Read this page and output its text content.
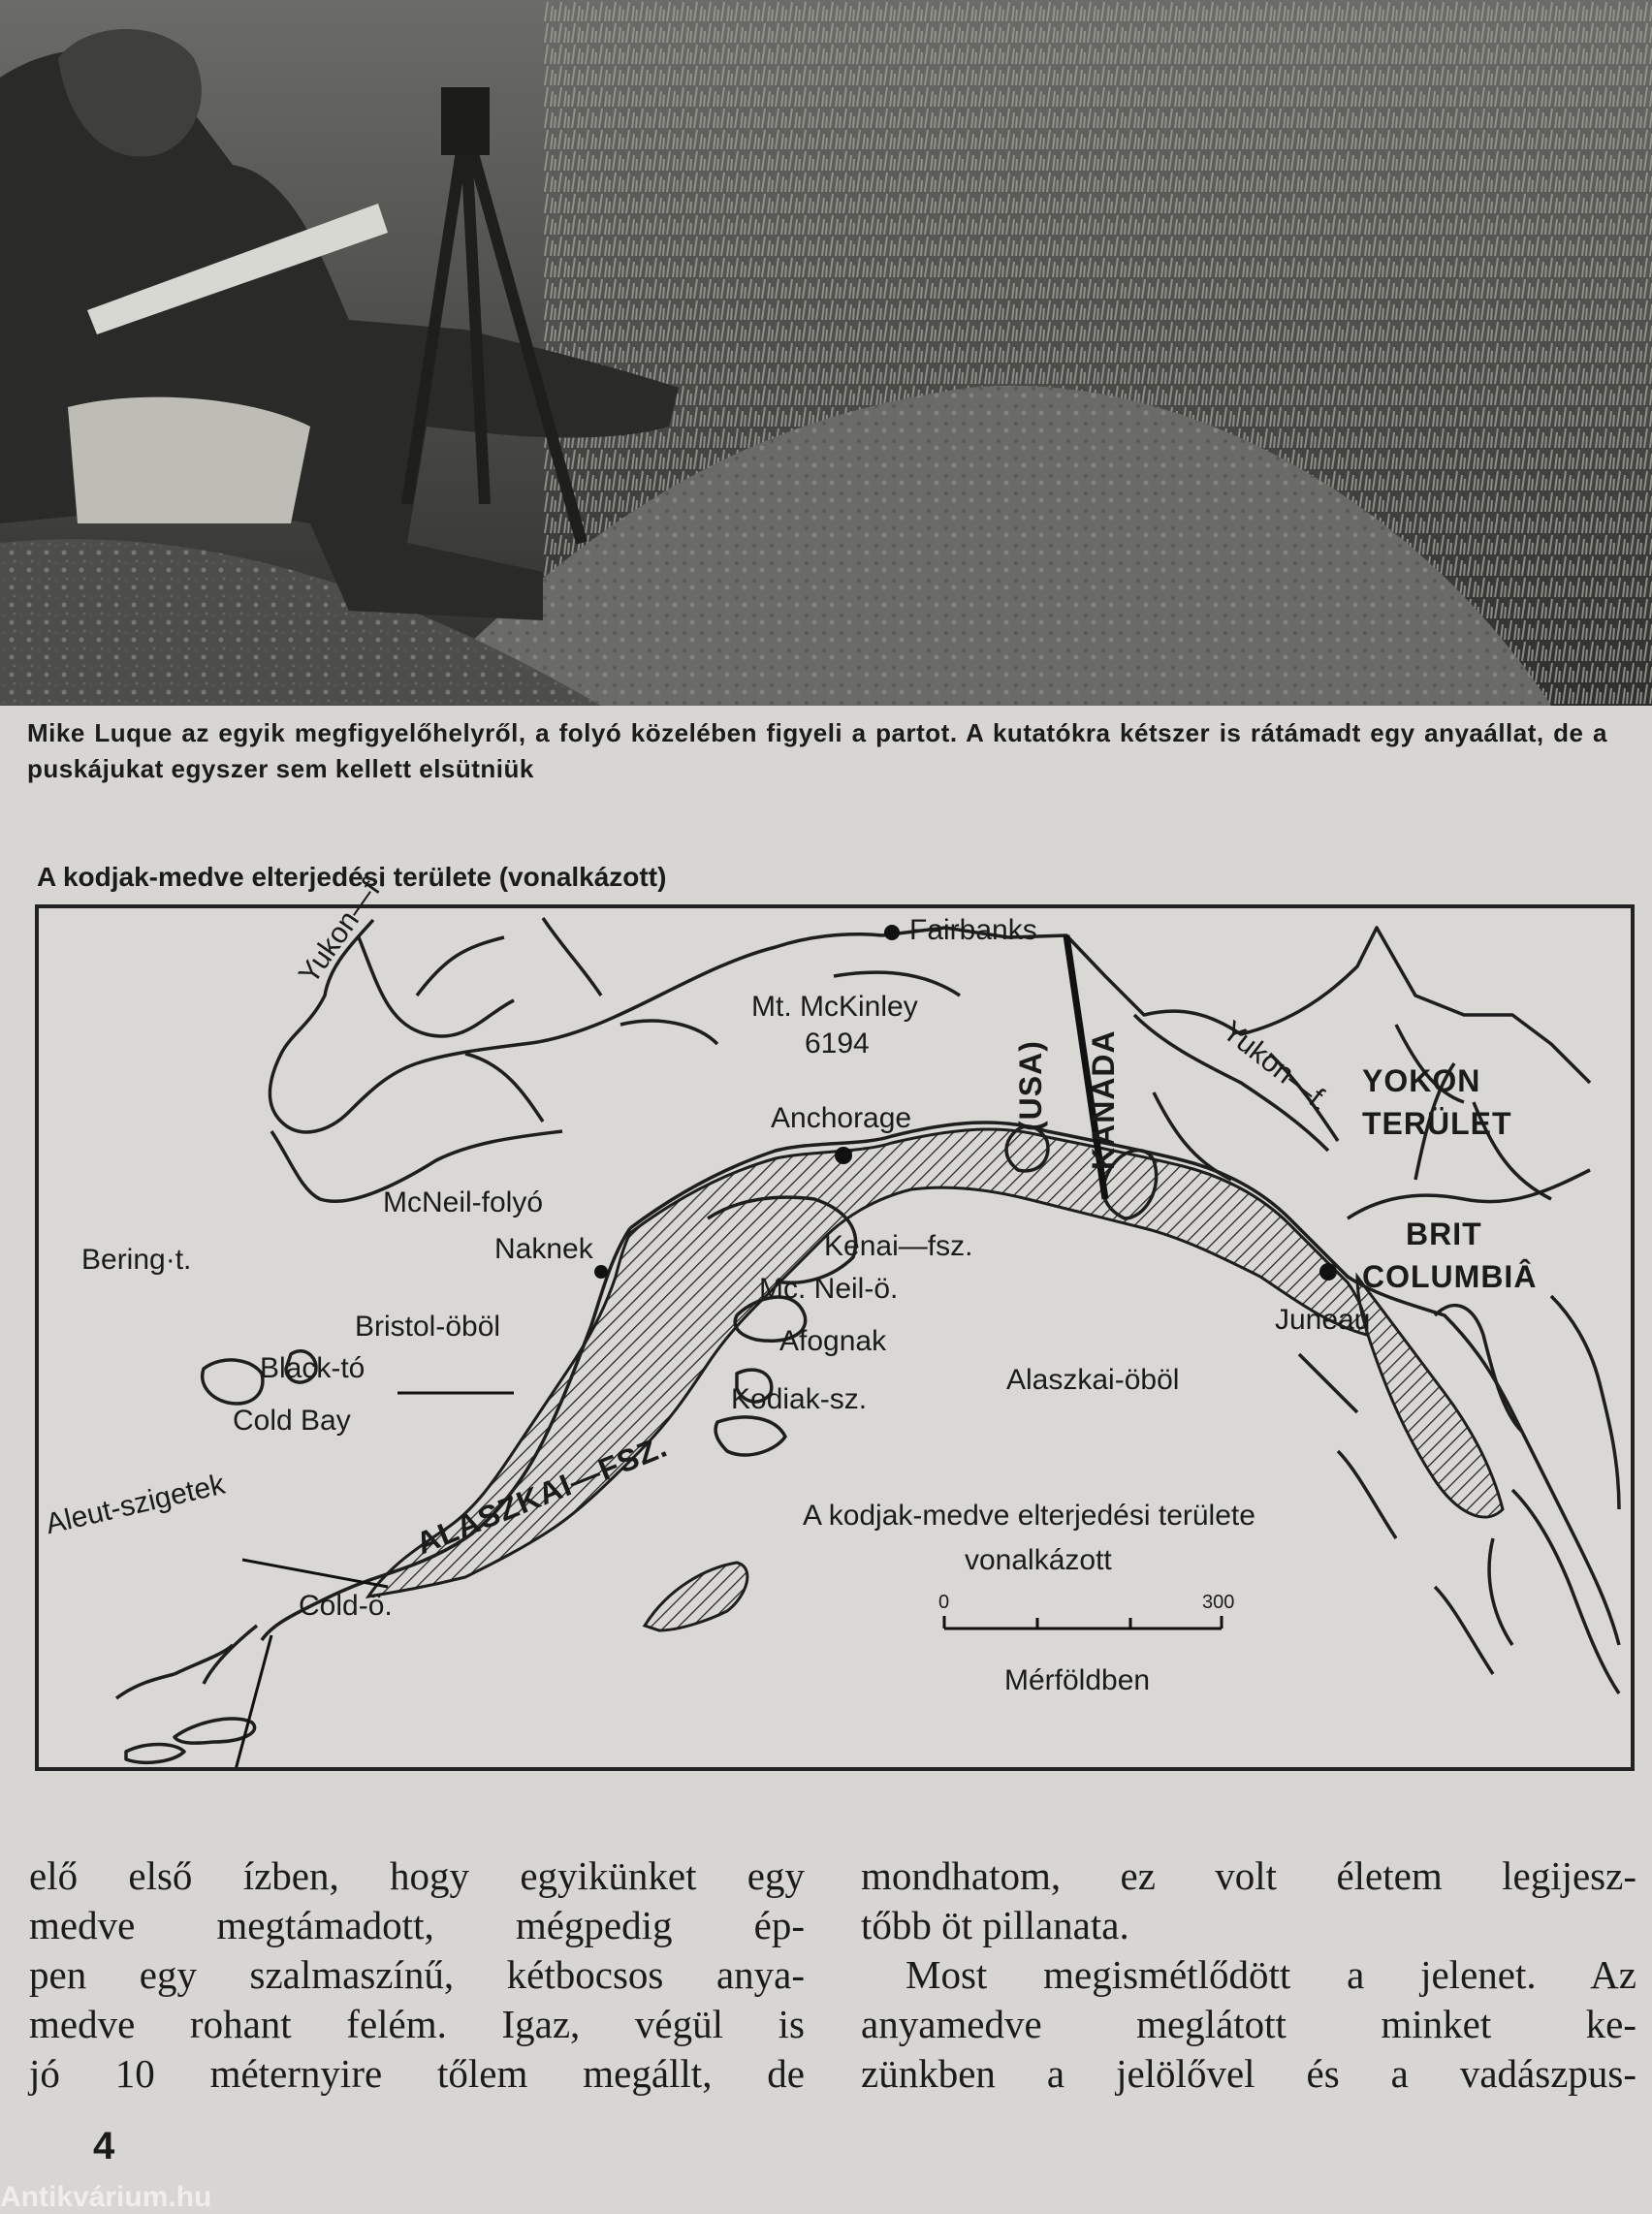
Mike Luque az egyik megfigyelőhelyről, a folyó közelében figyeli a partot. A kutatókra kétszer is rátámadt egy anyaállat, de a puskájukat egyszer sem kellett elsütniük
A kodjak-medve elterjedési területe (vonalkázott)
Yukon—f.	Fairbanks
Mt. McKinley
6194	(USA) KANADA	Yukon—f. YOKON
TERÜLET
Anchorage
McNeil-folyó
Kenai—fsz.	BRIT
COLUMBIÂ
Bering·t.	Naknek
Mc. Neil-ö.
Juneau
Bristol-öböl	Afognak
Black-tó	Alaszkai-öböl
Kodiak-sz.
Cold Bay
Aleut-szigetek	ALASZKAI—FSZ.	A kodjak-medve elterjedési területe
vonalkázott
0	300
Mérföldben
Cold-ö.

elő első ízben, hogy egyikünket egy

medve megtámadott, mégpedig ép-

pen egy szalmaszínű, kétbocsos anya-

medve rohant felém. Igaz, végül is

jó 10 méternyire tőlem megállt, de

mondhatom, ez volt életem legijesz-

tőbb öt pillanata.

Most megismétlődött a jelenet. Az

anyamedve meglátott minket ke-

zünkben a jelölővel és a vadászpus-

4
Antikvárium.hu
